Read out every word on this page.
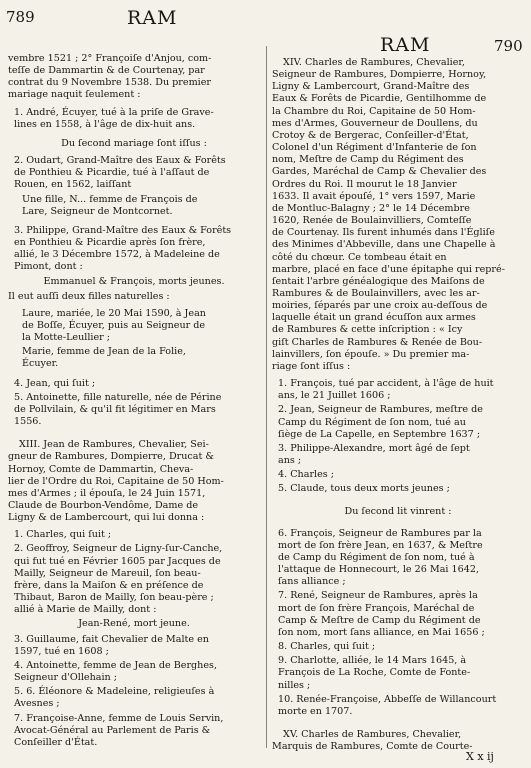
789	RAM
RAM	790

vembre 1521 ; 2° Françoiſe d'Anjou, com-

teſſe de Dammartin & de Courtenay, par

contrat du 9 Novembre 1538. Du premier

mariage naquit ſeulement :

1. André, Écuyer, tué à la priſe de Grave-

lines en 1558, à l'âge de dix-huit ans.

Du ſecond mariage ſont iſſus :

2. Oudart, Grand-Maître des Eaux & Forêts

de Ponthieu & Picardie, tué à l'aſſaut de

Rouen, en 1562, laiſſant

Une fille, N... femme de François de

Lare, Seigneur de Montcornet.

3. Philippe, Grand-Maître des Eaux & Forêts

en Ponthieu & Picardie après ſon frère,

allié, le 3 Décembre 1572, à Madeleine de

Pimont, dont :

Emmanuel & François, morts jeunes.

Il eut auſſi deux filles naturelles :

Laure, mariée, le 20 Mai 1590, à Jean

de Boſſe, Écuyer, puis au Seigneur de

la Motte-Leullier ;

Marie, femme de Jean de la Folie,

Écuyer.

4. Jean, qui ſuit ;

5. Antoinette, fille naturelle, née de Périne

de Pollvilain, & qu'il fit légitimer en Mars

1556.

XIII. Jean de Rambures, Chevalier, Sei-

gneur de Rambures, Dompierre, Drucat &

Hornoy, Comte de Dammartin, Cheva-

lier de l'Ordre du Roi, Capitaine de 50 Hom-

mes d'Armes ; il épouſa, le 24 Juin 1571,

Claude de Bourbon-Vendôme, Dame de

Ligny & de Lambercourt, qui lui donna :

1. Charles, qui ſuit ;

2. Geoffroy, Seigneur de Ligny-ſur-Canche,

qui fut tué en Février 1605 par Jacques de

Mailly, Seigneur de Mareuil, ſon beau-

frère, dans la Maiſon & en préſence de

Thibaut, Baron de Mailly, ſon beau-père ;

allié à Marie de Mailly, dont :

Jean-René, mort jeune.

3. Guillaume, fait Chevalier de Malte en

1597, tué en 1608 ;

4. Antoinette, femme de Jean de Berghes,

Seigneur d'Ollehain ;

5. 6. Éléonore & Madeleine, religieuſes à

Avesnes ;

7. Françoise-Anne, femme de Louis Servin,

Avocat-Général au Parlement de Paris &

Conſeiller d'État.

XIV. Charles de Rambures, Chevalier,

Seigneur de Rambures, Dompierre, Hornoy,

Ligny & Lambercourt, Grand-Maître des

Eaux & Forêts de Picardie, Gentilhomme de

la Chambre du Roi, Capitaine de 50 Hom-

mes d'Armes, Gouverneur de Doullens, du

Crotoy & de Bergerac, Conſeiller-d'État,

Colonel d'un Régiment d'Infanterie de ſon

nom, Meſtre de Camp du Régiment des

Gardes, Maréchal de Camp & Chevalier des

Ordres du Roi. Il mourut le 18 Janvier

1633. Il avait épouſé, 1° vers 1597, Marie

de Montluc-Balagny ; 2° le 14 Décembre

1620, Renée de Boulainvilliers, Comteſſe

de Courtenay. Ils furent inhumés dans l'Égliſe

des Minimes d'Abbeville, dans une Chapelle à

côté du chœur. Ce tombeau était en

marbre, placé en face d'une épitaphe qui repré-

ſentait l'arbre généalogique des Maiſons de

Rambures & de Boulainvillers, avec les ar-

moiries, ſéparés par une croix au-deſſous de

laquelle était un grand écuſſon aux armes

de Rambures & cette inſcription : « Icy

giſt Charles de Rambures & Renée de Bou-

lainvillers, ſon épouſe. » Du premier ma-

riage ſont iſſus :

1. François, tué par accident, à l'âge de huit

ans, le 21 Juillet 1606 ;

2. Jean, Seigneur de Rambures, meſtre de

Camp du Régiment de ſon nom, tué au

ſiège de La Capelle, en Septembre 1637 ;

3. Philippe-Alexandre, mort âgé de ſept

ans ;

4. Charles ;

5. Claude, tous deux morts jeunes ;

Du ſecond lit vinrent :

6. François, Seigneur de Rambures par la

mort de ſon frère Jean, en 1637, & Meſtre

de Camp du Régiment de ſon nom, tué à

l'attaque de Honnecourt, le 26 Mai 1642,

ſans alliance ;

7. René, Seigneur de Rambures, après la

mort de ſon frère François, Maréchal de

Camp & Meſtre de Camp du Régiment de

ſon nom, mort ſans alliance, en Mai 1656 ;

8. Charles, qui ſuit ;

9. Charlotte, alliée, le 14 Mars 1645, à

François de La Roche, Comte de Fonte-

nilles ;

10. Renée-Françoise, Abbeſſe de Willancourt

morte en 1707.

XV. Charles de Rambures, Chevalier,

Marquis de Rambures, Comte de Courte-

X x ij
